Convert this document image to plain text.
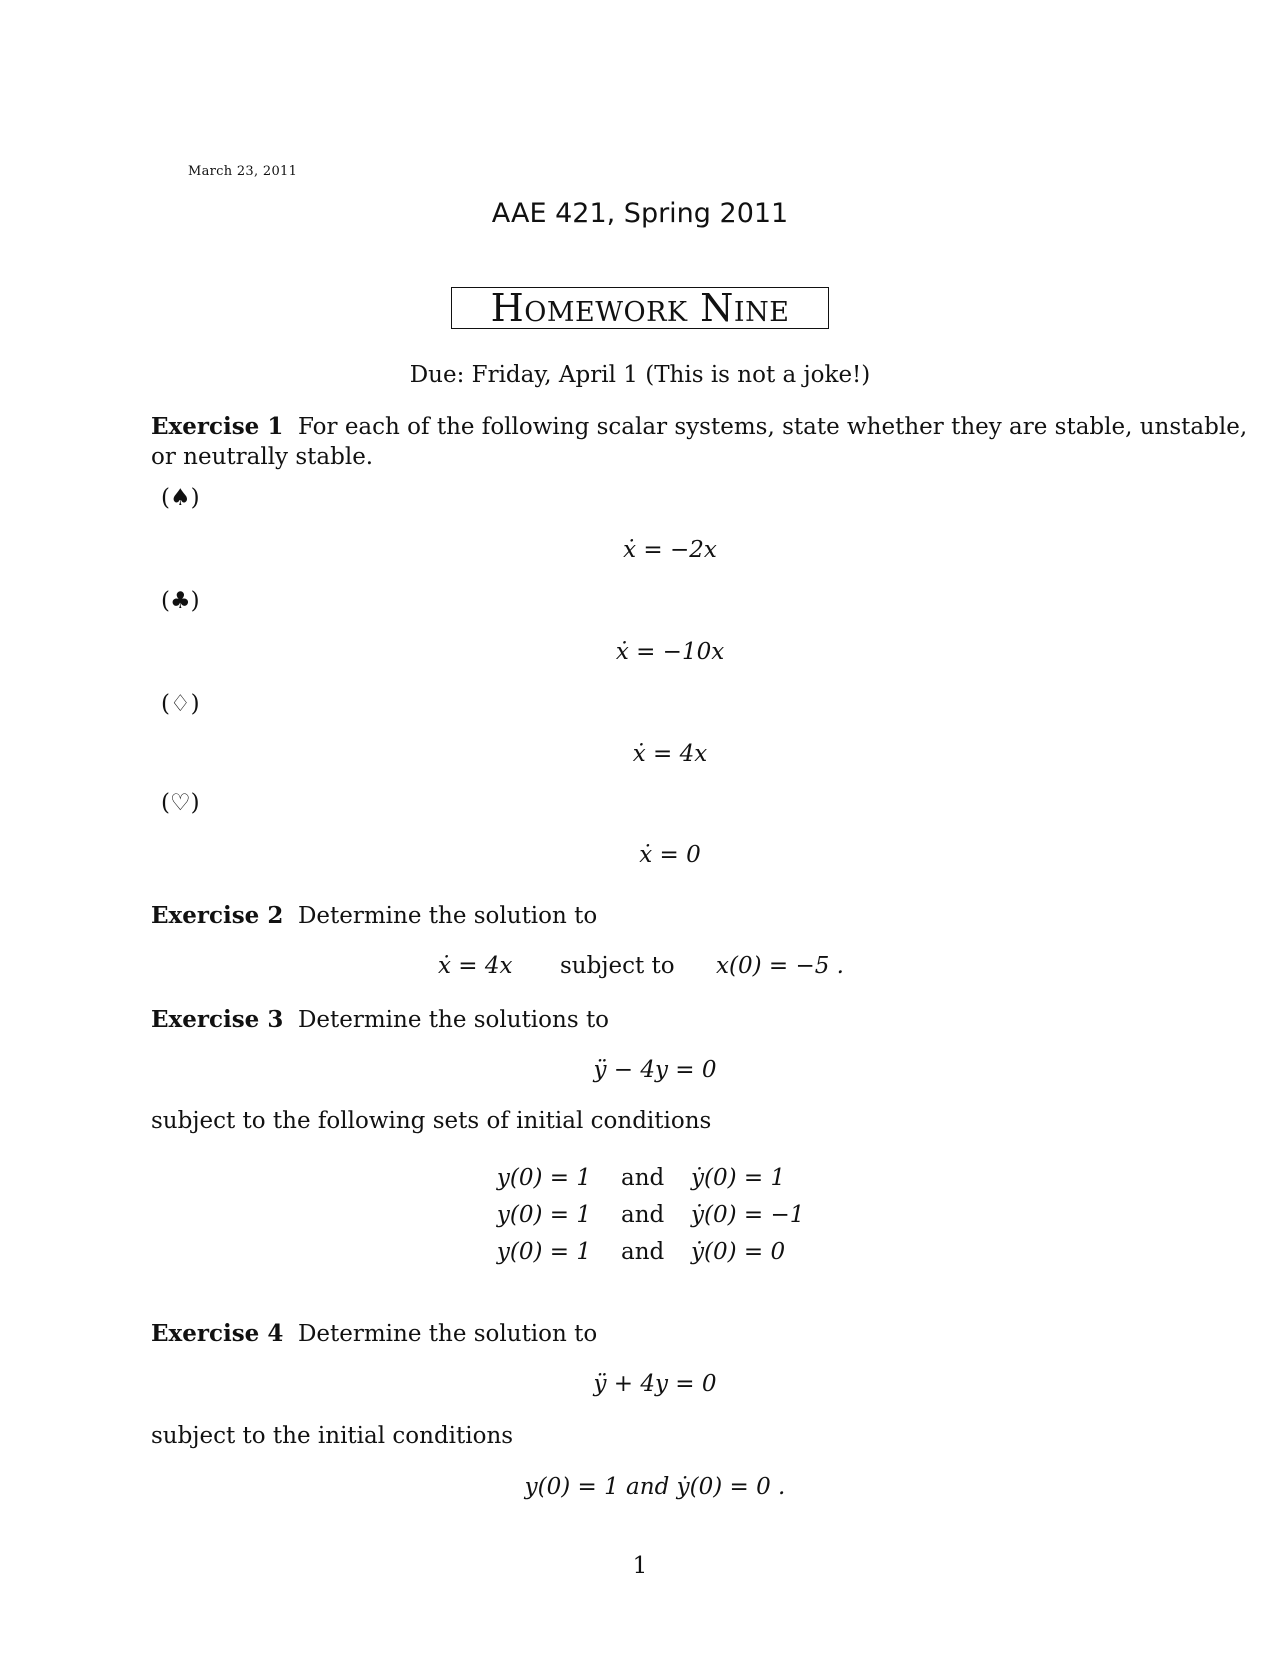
March 23, 2011
AAE 421, Spring 2011
Homework Nine
Due: Friday, April 1 (This is not a joke!)
Exercise 1 For each of the following scalar systems, state whether they are stable, unstable,
or neutrally stable.
(♠)
ẋ = −2x
(♣)
ẋ = −10x
(♢)
ẋ = 4x
(♡)
ẋ = 0
Exercise 2 Determine the solution to
ẋ = 4x subject to x(0) = −5 .
Exercise 3 Determine the solutions to
ÿ − 4y = 0
subject to the following sets of initial conditions
y(0) = 1	and	ẏ(0) = 1
y(0) = 1	and	ẏ(0) = −1
y(0) = 1	and	ẏ(0) = 0
Exercise 4 Determine the solution to
ÿ + 4y = 0
subject to the initial conditions
y(0) = 1 and ẏ(0) = 0 .
1
